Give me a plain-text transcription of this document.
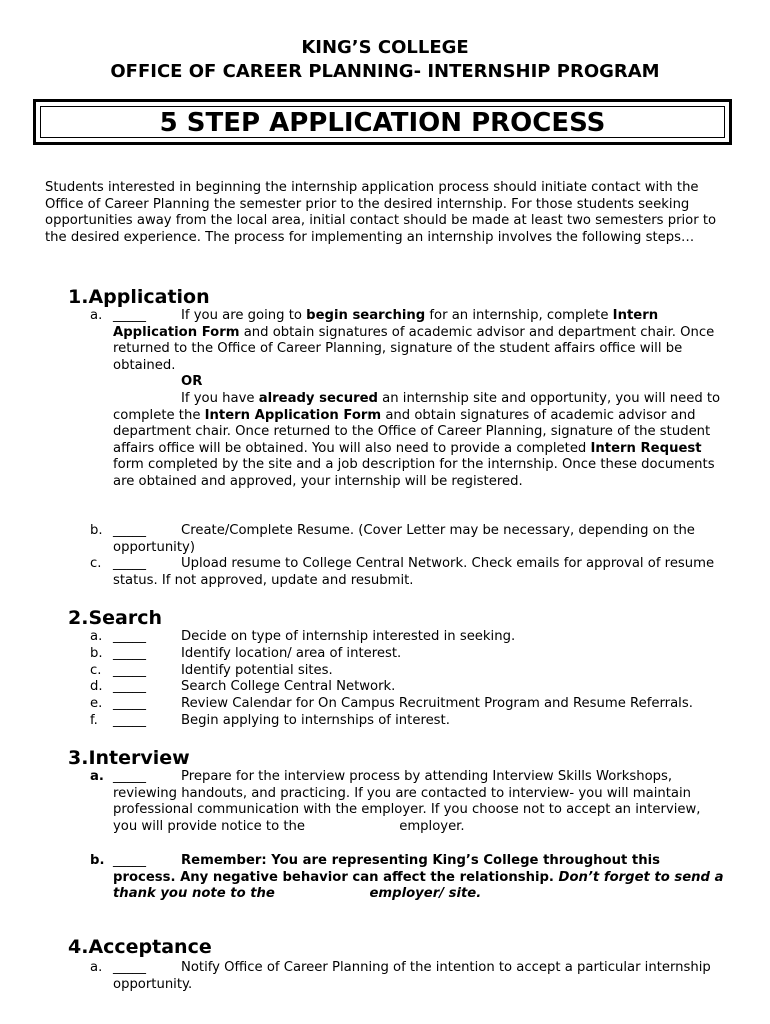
KING’S COLLEGE
OFFICE OF CAREER PLANNING- INTERNSHIP PROGRAM
5 STEP APPLICATION PROCESS
Students interested in beginning the internship application process should initiate contact with the Office of Career Planning the semester prior to the desired internship. For those students seeking opportunities away from the local area, initial contact should be made at least two semesters prior to the desired experience. The process for implementing an internship involves the following steps…
1.Application
a. _____	If you are going to begin searching for an internship, complete Intern Application Form and obtain signatures of academic advisor and department chair. Once returned to the Office of Career Planning, signature of the student affairs office will be obtained.
OR
If you have already secured an internship site and opportunity, you will need to complete the Intern Application Form and obtain signatures of academic advisor and department chair. Once returned to the Office of Career Planning, signature of the student affairs office will be obtained. You will also need to provide a completed Intern Request form completed by the site and a job description for the internship. Once these documents are obtained and approved, your internship will be registered.
b. _____	Create/Complete Resume. (Cover Letter may be necessary, depending on the opportunity)
c. _____	Upload resume to College Central Network. Check emails for approval of resume status. If not approved, update and resubmit.
2.Search
a. _____	Decide on type of internship interested in seeking.
b. _____	Identify location/ area of interest.
c. _____	Identify potential sites.
d. _____	Search College Central Network.
e. _____	Review Calendar for On Campus Recruitment Program and Resume Referrals.
f. _____	Begin applying to internships of interest.
3.Interview
a. _____	Prepare for the interview process by attending Interview Skills Workshops, reviewing handouts, and practicing. If you are contacted to interview- you will maintain professional communication with the employer. If you choose not to accept an interview, you will provide notice to the	employer.
b. _____	Remember: You are representing King’s College throughout this process. Any negative behavior can affect the relationship. Don’t forget to send a thank you note to the	employer/ site.
4.Acceptance
a. _____	Notify Office of Career Planning of the intention to accept a particular internship opportunity.
